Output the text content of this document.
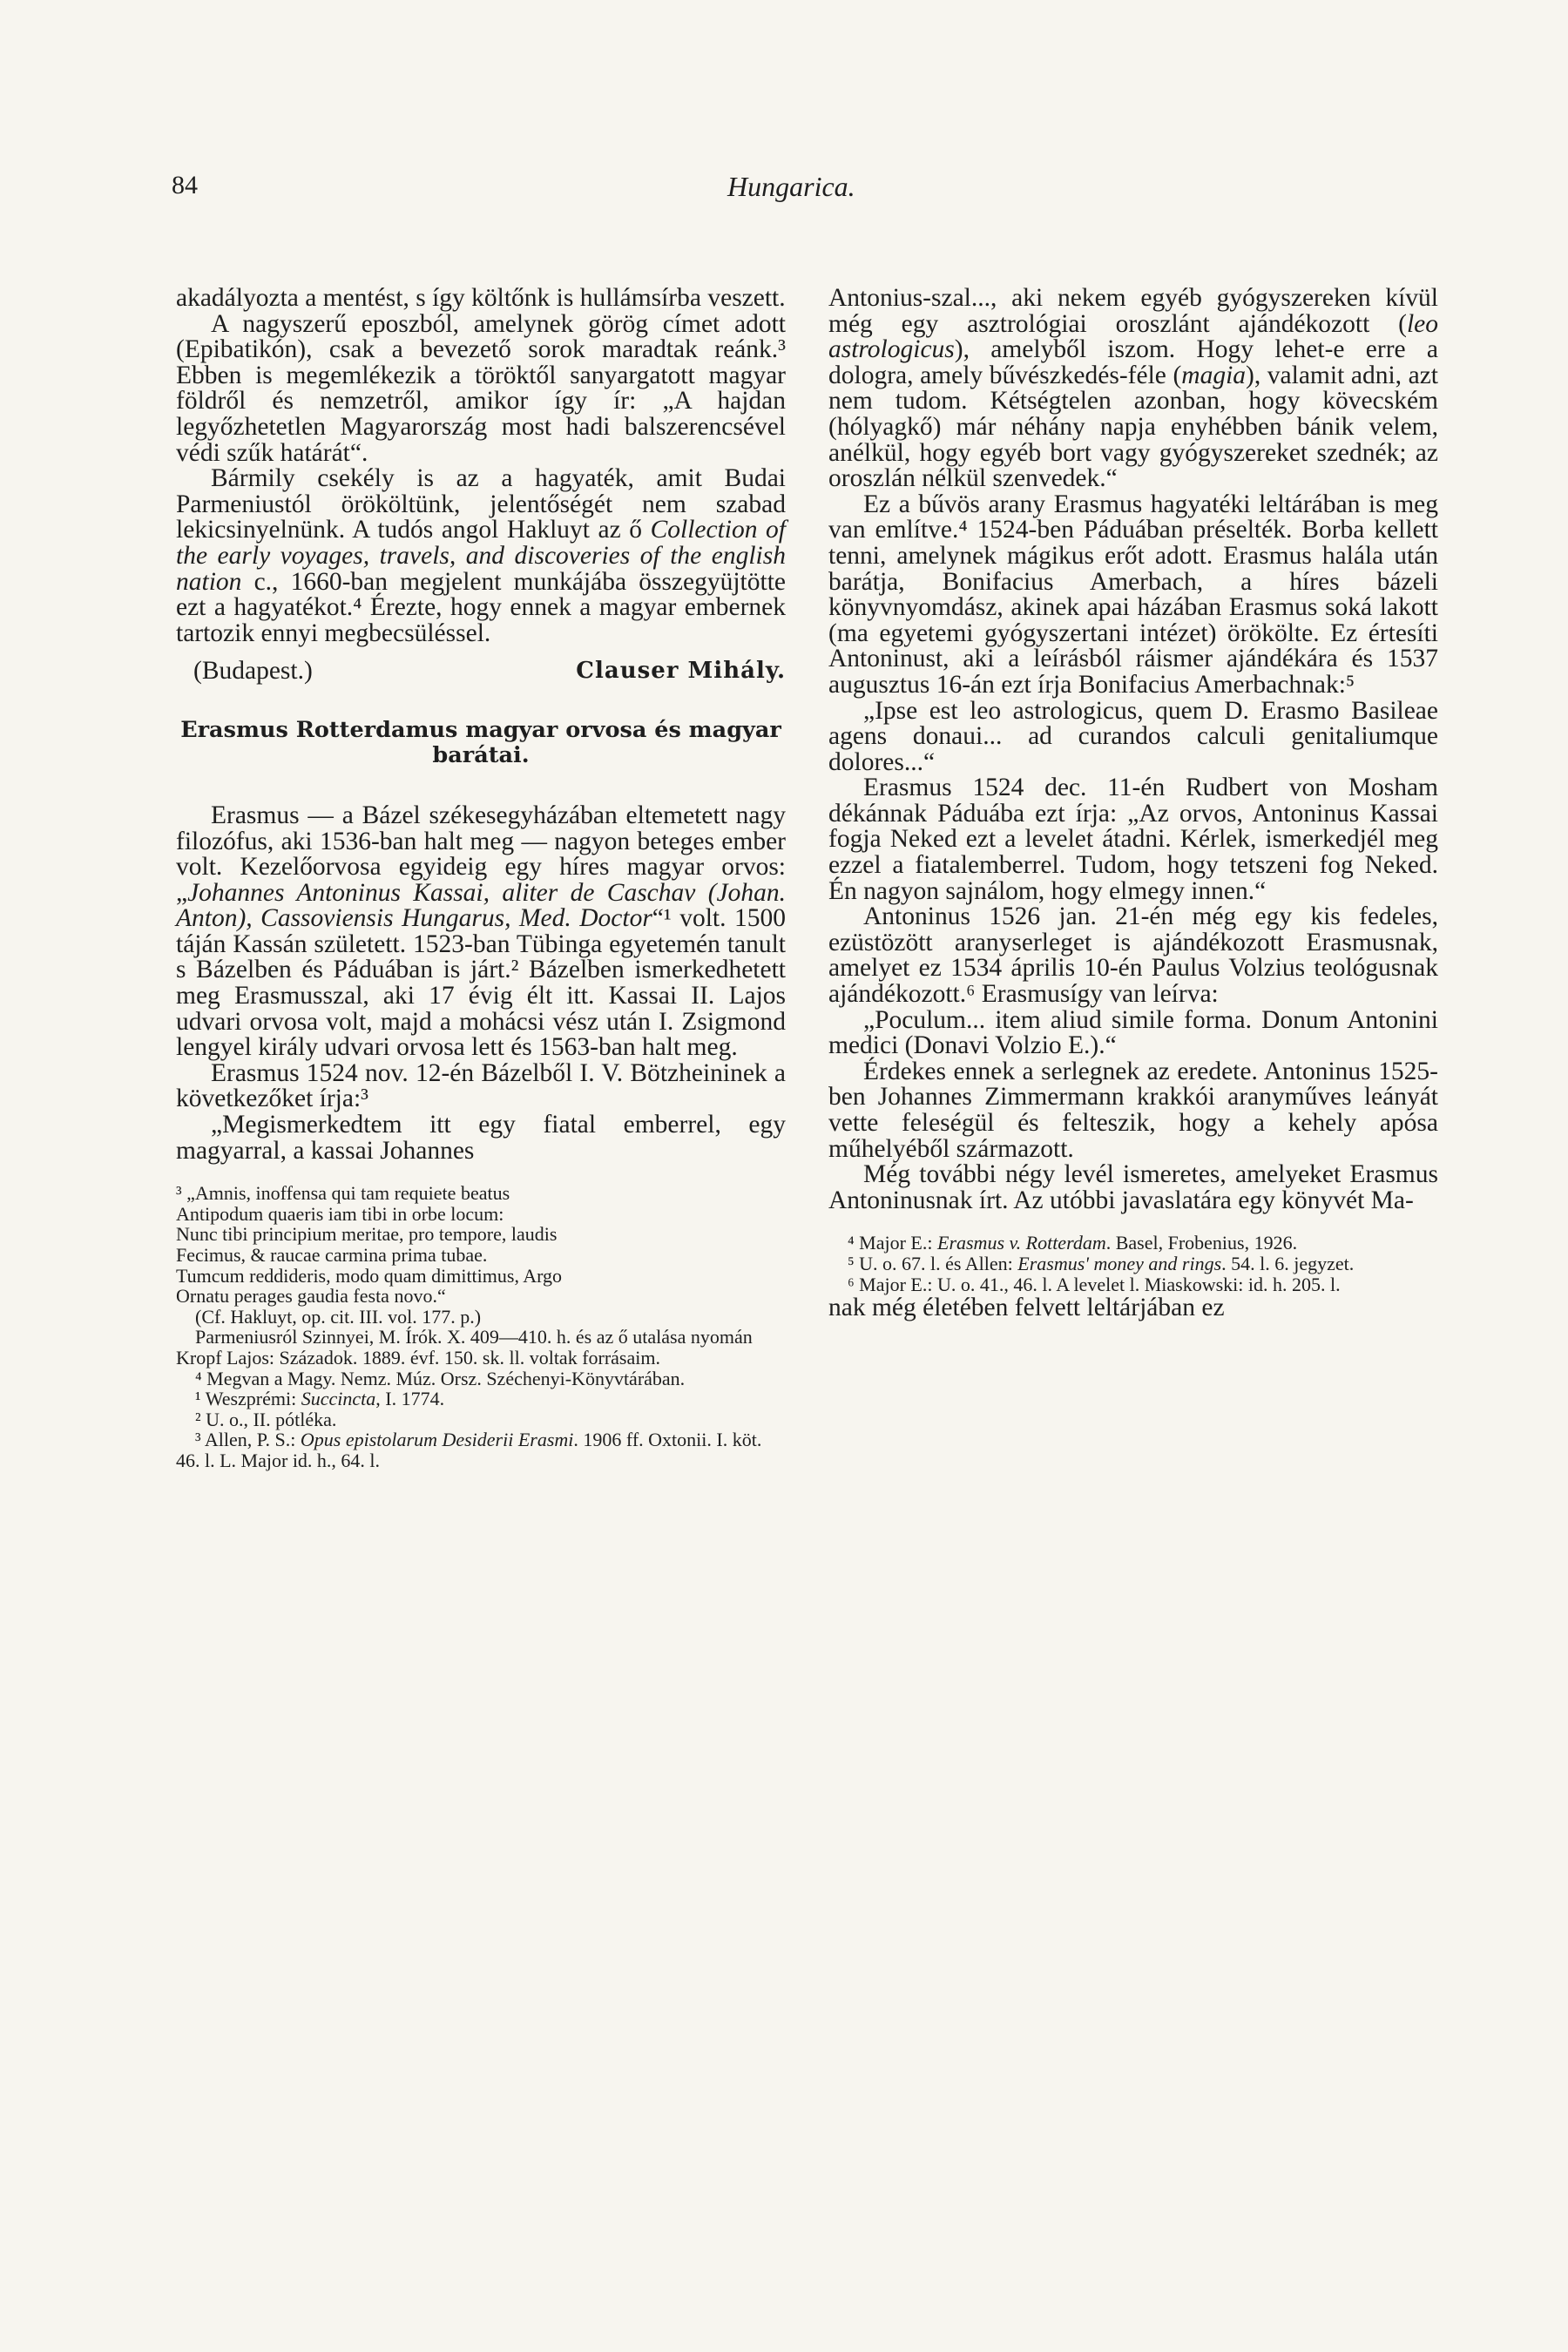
84	Hungarica.

akadályozta a mentést, s így költőnk is hullámsírba veszett.

A nagyszerű eposzból, amelynek görög címet adott (Epibatikón), csak a bevezető sorok maradtak reánk.³ Ebben is megemlékezik a töröktől sanyargatott magyar földről és nemzetről, amikor így ír: „A hajdan legyőzhetetlen Magyarország most hadi balszerencsével védi szűk határát“.

Bármily csekély is az a hagyaték, amit Budai Parmeniustól örököltünk, jelentőségét nem szabad lekicsinyelnünk. A tudós angol Hakluyt az ő Collection of the early voyages, travels, and discoveries of the english nation c., 1660-ban megjelent munkájába összegyüjtötte ezt a hagyatékot.⁴ Érezte, hogy ennek a magyar embernek tartozik ennyi megbecsüléssel.

(Budapest.)	Clauser Mihály.
Erasmus Rotterdamus magyar orvosa és magyar barátai.

Erasmus — a Bázel székesegyházában eltemetett nagy filozófus, aki 1536-ban halt meg — nagyon beteges ember volt. Kezelőorvosa egyideig egy híres magyar orvos: „Johannes Antoninus Kassai, aliter de Caschav (Johan. Anton), Cassoviensis Hungarus, Med. Doctor“¹ volt. 1500 táján Kassán született. 1523-ban Tübinga egyetemén tanult s Bázelben és Páduában is járt.² Bázelben ismerkedhetett meg Erasmusszal, aki 17 évig élt itt. Kassai II. Lajos udvari orvosa volt, majd a mohácsi vész után I. Zsigmond lengyel király udvari orvosa lett és 1563-ban halt meg.

Erasmus 1524 nov. 12-én Bázelből I. V. Bötzheininek a következőket írja:³

„Megismerkedtem itt egy fiatal emberrel, egy magyarral, a kassai Johannes

³ „Amnis, inoffensa qui tam requiete beatus

Antipodum quaeris iam tibi in orbe locum:

Nunc tibi principium meritae, pro tempore, laudis

Fecimus, & raucae carmina prima tubae.

Tumcum reddideris, modo quam dimittimus, Argo

Ornatu perages gaudia festa novo.“

(Cf. Hakluyt, op. cit. III. vol. 177. p.)

Parmeniusról Szinnyei, M. Írók. X. 409—410. h. és az ő utalása nyomán Kropf Lajos: Századok. 1889. évf. 150. sk. ll. voltak forrásaim.

⁴ Megvan a Magy. Nemz. Múz. Orsz. Széchenyi-Könyvtárában.

¹ Weszprémi: Succincta, I. 1774.

² U. o., II. pótléka.

³ Allen, P. S.: Opus epistolarum Desiderii Erasmi. 1906 ff. Oxtonii. I. köt. 46. l. L. Major id. h., 64. l.

Antonius-szal..., aki nekem egyéb gyógyszereken kívül még egy asztrológiai oroszlánt ajándékozott (leo astrologicus), amelyből iszom. Hogy lehet-e erre a dologra, amely bűvészkedés-féle (magia), valamit adni, azt nem tudom. Kétségtelen azonban, hogy kövecském (hólyagkő) már néhány napja enyhébben bánik velem, anélkül, hogy egyéb bort vagy gyógyszereket szednék; az oroszlán nélkül szenvedek.“

Ez a bűvös arany Erasmus hagyatéki leltárában is meg van említve.⁴ 1524-ben Páduában préselték. Borba kellett tenni, amelynek mágikus erőt adott. Erasmus halála után barátja, Bonifacius Amerbach, a híres bázeli könyvnyomdász, akinek apai házában Erasmus soká lakott (ma egyetemi gyógyszertani intézet) örökölte. Ez értesíti Antoninust, aki a leírásból ráismer ajándékára és 1537 augusztus 16-án ezt írja Bonifacius Amerbachnak:⁵

„Ipse est leo astrologicus, quem D. Erasmo Basileae agens donaui... ad curandos calculi genitaliumque dolores...“

Erasmus 1524 dec. 11-én Rudbert von Mosham dékánnak Páduába ezt írja: „Az orvos, Antoninus Kassai fogja Neked ezt a levelet átadni. Kérlek, ismerkedjél meg ezzel a fiatalemberrel. Tudom, hogy tetszeni fog Neked. Én nagyon sajnálom, hogy elmegy innen.“

Antoninus 1526 jan. 21-én még egy kis fedeles, ezüstözött aranyserleget is ajándékozott Erasmusnak, amelyet ez 1534 április 10-én Paulus Volzius teológusnak ajándékozott.⁶ Erasmusígy van leírva:

„Poculum... item aliud simile forma. Donum Antonini medici (Donavi Volzio E.).“

Érdekes ennek a serlegnek az eredete. Antoninus 1525-ben Johannes Zimmermann krakkói aranyműves leányát vette feleségül és felteszik, hogy a kehely apósa műhelyéből származott.

Még további négy levél ismeretes, amelyeket Erasmus Antoninusnak írt. Az utóbbi javaslatára egy könyvét Ma-

⁴ Major E.: Erasmus v. Rotterdam. Basel, Frobenius, 1926.

⁵ U. o. 67. l. és Allen: Erasmus' money and rings. 54. l. 6. jegyzet.

⁶ Major E.: U. o. 41., 46. l. A levelet l. Miaskowski: id. h. 205. l.

nak még életében felvett leltárjában ez
